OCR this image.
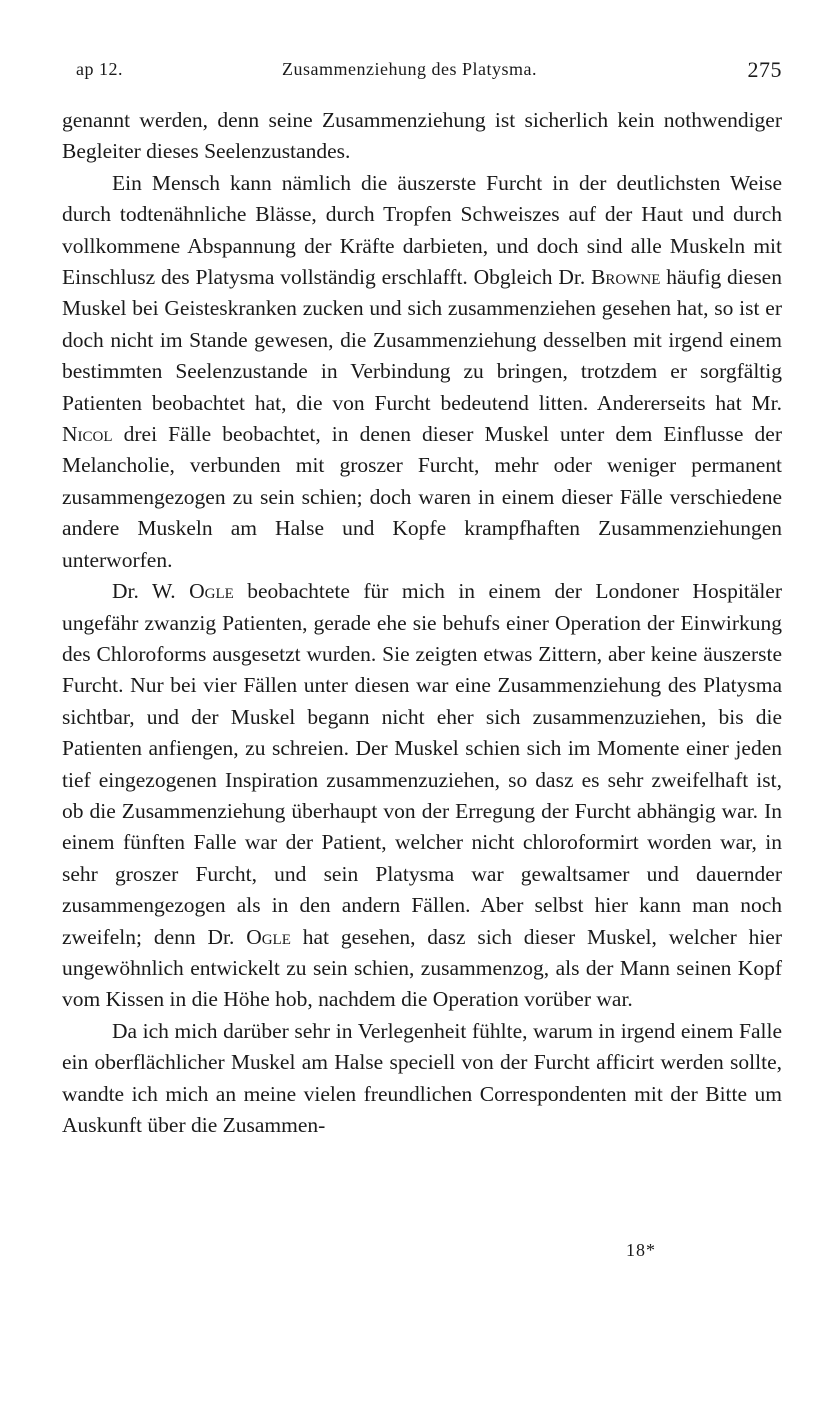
ap 12.	Zusammenziehung des Platysma.	275

genannt werden, denn seine Zusammenziehung ist sicherlich kein nothwendiger Begleiter dieses Seelenzustandes.

Ein Mensch kann nämlich die äuszerste Furcht in der deutlichsten Weise durch todtenähnliche Blässe, durch Tropfen Schweiszes auf der Haut und durch vollkommene Abspannung der Kräfte darbieten, und doch sind alle Muskeln mit Einschlusz des Platysma vollständig erschlafft. Obgleich Dr. Browne häufig diesen Muskel bei Geisteskranken zucken und sich zusammenziehen gesehen hat, so ist er doch nicht im Stande gewesen, die Zusammenziehung desselben mit irgend einem bestimmten Seelenzustande in Verbindung zu bringen, trotzdem er sorgfältig Patienten beobachtet hat, die von Furcht bedeutend litten. Andererseits hat Mr. Nicol drei Fälle beobachtet, in denen dieser Muskel unter dem Einflusse der Melancholie, verbunden mit groszer Furcht, mehr oder weniger permanent zusammengezogen zu sein schien; doch waren in einem dieser Fälle verschiedene andere Muskeln am Halse und Kopfe krampfhaften Zusammenziehungen unterworfen.

Dr. W. Ogle beobachtete für mich in einem der Londoner Hospitäler ungefähr zwanzig Patienten, gerade ehe sie behufs einer Operation der Einwirkung des Chloroforms ausgesetzt wurden. Sie zeigten etwas Zittern, aber keine äuszerste Furcht. Nur bei vier Fällen unter diesen war eine Zusammenziehung des Platysma sichtbar, und der Muskel begann nicht eher sich zusammenzuziehen, bis die Patienten anfiengen, zu schreien. Der Muskel schien sich im Momente einer jeden tief eingezogenen Inspiration zusammenzuziehen, so dasz es sehr zweifelhaft ist, ob die Zusammenziehung überhaupt von der Erregung der Furcht abhängig war. In einem fünften Falle war der Patient, welcher nicht chloroformirt worden war, in sehr groszer Furcht, und sein Platysma war gewaltsamer und dauernder zusammengezogen als in den andern Fällen. Aber selbst hier kann man noch zweifeln; denn Dr. Ogle hat gesehen, dasz sich dieser Muskel, welcher hier ungewöhnlich entwickelt zu sein schien, zusammenzog, als der Mann seinen Kopf vom Kissen in die Höhe hob, nachdem die Operation vorüber war.

Da ich mich darüber sehr in Verlegenheit fühlte, warum in irgend einem Falle ein oberflächlicher Muskel am Halse speciell von der Furcht afficirt werden sollte, wandte ich mich an meine vielen freundlichen Correspondenten mit der Bitte um Auskunft über die Zusammen-

18*
